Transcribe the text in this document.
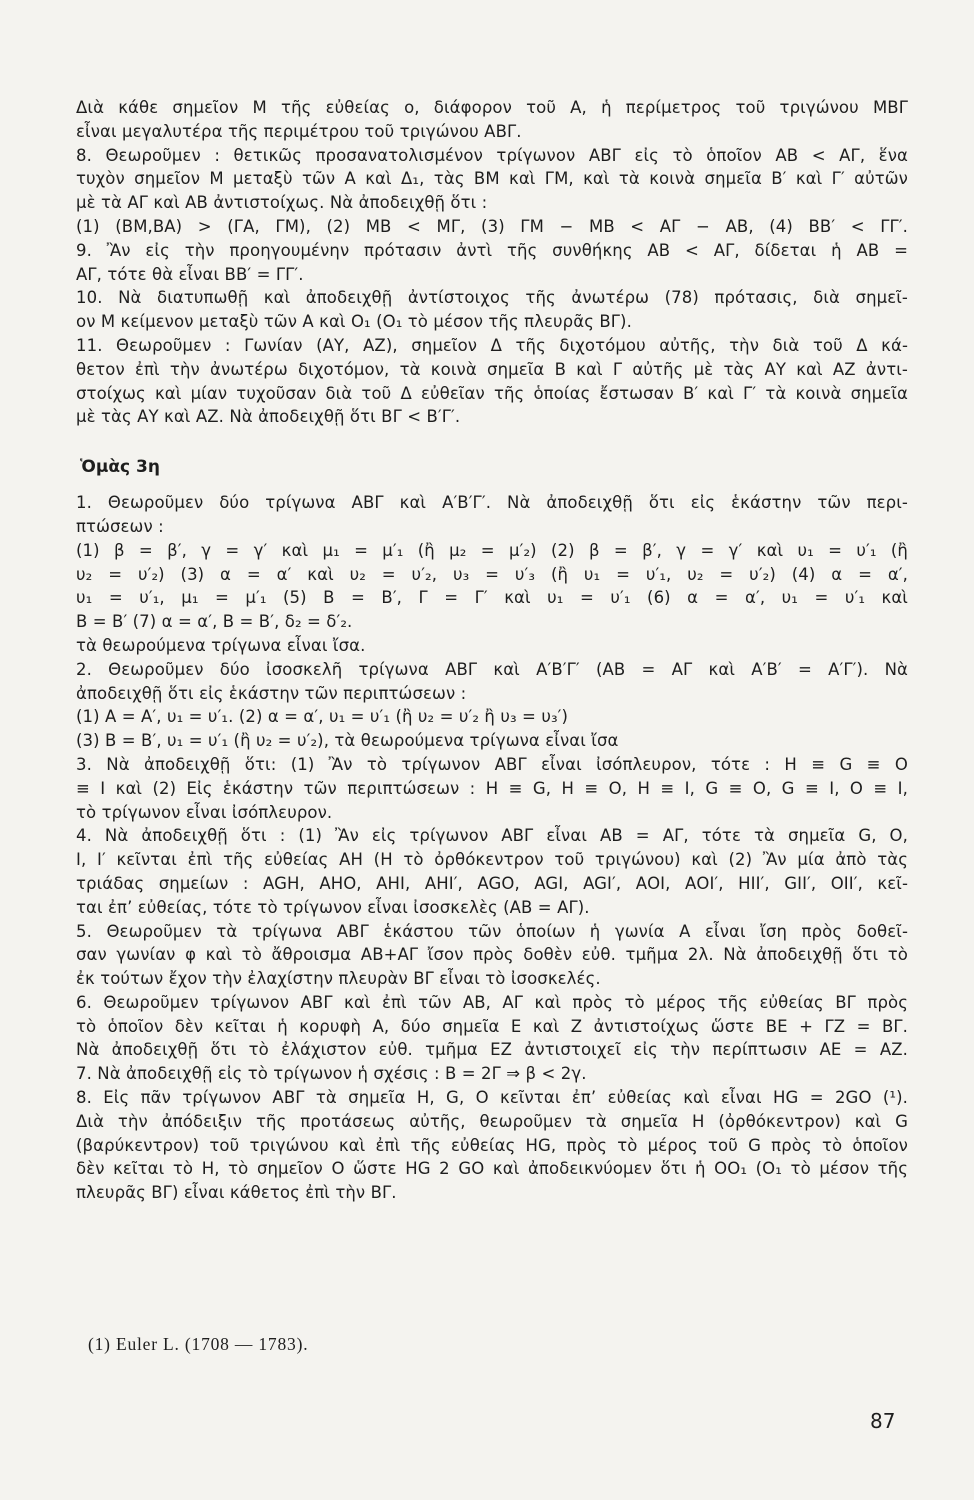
Διὰ κάθε σημεῖον Μ τῆς εὐθείας ο, διάφορον τοῦ Α, ἡ περίμετρος τοῦ τριγώνου ΜΒΓ
εἶναι μεγαλυτέρα τῆς περιμέτρου τοῦ τριγώνου ΑΒΓ.
8. Θεωροῦμεν : θετικῶς προσανατολισμένον τρίγωνον ΑΒΓ εἰς τὸ ὁποῖον ΑΒ < ΑΓ, ἕνα
τυχὸν σημεῖον Μ μεταξὺ τῶν Α καὶ Δ₁, τὰς ΒΜ καὶ ΓΜ, καὶ τὰ κοινὰ σημεῖα Β′ καὶ Γ′ αὐτῶν
μὲ τὰ ΑΓ καὶ ΑΒ ἀντιστοίχως. Νὰ ἀποδειχθῇ ὅτι :
(1) (ΒΜ,ΒΑ) > (ΓΑ, ΓΜ), (2) ΜΒ < ΜΓ, (3) ΓΜ − ΜΒ < ΑΓ − ΑΒ, (4) ΒΒ′ < ΓΓ′.
9. Ἂν εἰς τὴν προηγουμένην πρότασιν ἀντὶ τῆς συνθήκης ΑΒ < ΑΓ, δίδεται ἡ ΑΒ =
ΑΓ, τότε θὰ εἶναι ΒΒ′ = ΓΓ′.
10. Νὰ διατυπωθῇ καὶ ἀποδειχθῇ ἀντίστοιχος τῆς ἀνωτέρω (78) πρότασις, διὰ σημεῖ-
ον Μ κείμενον μεταξὺ τῶν Α καὶ Ο₁ (Ο₁ τὸ μέσον τῆς πλευρᾶς ΒΓ).
11. Θεωροῦμεν : Γωνίαν (ΑΥ, ΑΖ), σημεῖον Δ τῆς διχοτόμου αὐτῆς, τὴν διὰ τοῦ Δ κά-
θετον ἐπὶ τὴν ἀνωτέρω διχοτόμον, τὰ κοινὰ σημεῖα Β καὶ Γ αὐτῆς μὲ τὰς ΑΥ καὶ ΑΖ ἀντι-
στοίχως καὶ μίαν τυχοῦσαν διὰ τοῦ Δ εὐθεῖαν τῆς ὁποίας ἔστωσαν Β′ καὶ Γ′ τὰ κοινὰ σημεῖα
μὲ τὰς ΑΥ καὶ ΑΖ. Νὰ ἀποδειχθῇ ὅτι ΒΓ < Β′Γ′.
Ὁμὰς 3η
1. Θεωροῦμεν δύο τρίγωνα ΑΒΓ καὶ Α′Β′Γ′. Νὰ ἀποδειχθῇ ὅτι εἰς ἑκάστην τῶν περι-
πτώσεων :
(1) β = β′, γ = γ′ καὶ μ₁ = μ′₁ (ἢ μ₂ = μ′₂) (2) β = β′, γ = γ′ καὶ υ₁ = υ′₁ (ἢ
υ₂ = υ′₂) (3) α = α′ καὶ υ₂ = υ′₂, υ₃ = υ′₃ (ἢ υ₁ = υ′₁, υ₂ = υ′₂) (4) α = α′,
υ₁ = υ′₁, μ₁ = μ′₁ (5) Β = Β′, Γ = Γ′ καὶ υ₁ = υ′₁ (6) α = α′, υ₁ = υ′₁ καὶ
Β = Β′ (7) α = α′, Β = Β′, δ₂ = δ′₂.
τὰ θεωρούμενα τρίγωνα εἶναι ἴσα.
2. Θεωροῦμεν δύο ἰσοσκελῆ τρίγωνα ΑΒΓ καὶ Α′Β′Γ′ (ΑΒ = ΑΓ καὶ Α′Β′ = Α′Γ′). Νὰ
ἀποδειχθῇ ὅτι εἰς ἑκάστην τῶν περιπτώσεων :
(1) Α = Α′, υ₁ = υ′₁. (2) α = α′, υ₁ = υ′₁ (ἢ υ₂ = υ′₂ ἢ υ₃ = υ₃′)
(3) Β = Β′, υ₁ = υ′₁ (ἢ υ₂ = υ′₂), τὰ θεωρούμενα τρίγωνα εἶναι ἴσα
3. Νὰ ἀποδειχθῇ ὅτι: (1) Ἂν τὸ τρίγωνον ΑΒΓ εἶναι ἰσόπλευρον, τότε : Η ≡ G ≡ Ο
≡ Ι καὶ (2) Εἰς ἑκάστην τῶν περιπτώσεων : Η ≡ G, Η ≡ Ο, Η ≡ Ι, G ≡ Ο, G ≡ Ι, Ο ≡ Ι,
τὸ τρίγωνον εἶναι ἰσόπλευρον.
4. Νὰ ἀποδειχθῇ ὅτι : (1) Ἂν εἰς τρίγωνον ΑΒΓ εἶναι ΑΒ = ΑΓ, τότε τὰ σημεῖα G, Ο,
Ι, Ι′ κεῖνται ἐπὶ τῆς εὐθείας ΑΗ (Η τὸ ὀρθόκεντρον τοῦ τριγώνου) καὶ (2) Ἂν μία ἀπὸ τὰς
τριάδας σημείων : AGH, ΑΗΟ, ΑΗΙ, ΑΗΙ′, AGO, AGI, AGI′, ΑΟΙ, ΑΟΙ′, ΗΙΙ′, GII′, ΟΙΙ′, κεῖ-
ται ἐπ’ εὐθείας, τότε τὸ τρίγωνον εἶναι ἰσοσκελὲς (ΑΒ = ΑΓ).
5. Θεωροῦμεν τὰ τρίγωνα ΑΒΓ ἑκάστου τῶν ὁποίων ἡ γωνία Α εἶναι ἴση πρὸς δοθεῖ-
σαν γωνίαν φ καὶ τὸ ἄθροισμα ΑΒ+ΑΓ ἴσον πρὸς δοθὲν εὐθ. τμῆμα 2λ. Νὰ ἀποδειχθῇ ὅτι τὸ
ἐκ τούτων ἔχον τὴν ἐλαχίστην πλευρὰν ΒΓ εἶναι τὸ ἰσοσκελές.
6. Θεωροῦμεν τρίγωνον ΑΒΓ καὶ ἐπὶ τῶν ΑΒ, ΑΓ καὶ πρὸς τὸ μέρος τῆς εὐθείας ΒΓ πρὸς
τὸ ὁποῖον δὲν κεῖται ἡ κορυφὴ Α, δύο σημεῖα Ε καὶ Ζ ἀντιστοίχως ὥστε ΒΕ + ΓΖ = ΒΓ.
Νὰ ἀποδειχθῇ ὅτι τὸ ἐλάχιστον εὐθ. τμῆμα ΕΖ ἀντιστοιχεῖ εἰς τὴν περίπτωσιν ΑΕ = ΑΖ.
7. Νὰ ἀποδειχθῇ εἰς τὸ τρίγωνον ἡ σχέσις : Β = 2Γ ⇒ β < 2γ.
8. Εἰς πᾶν τρίγωνον ΑΒΓ τὰ σημεῖα Η, G, Ο κεῖνται ἐπ’ εὐθείας καὶ εἶναι HG = 2GO (¹).
Διὰ τὴν ἀπόδειξιν τῆς προτάσεως αὐτῆς, θεωροῦμεν τὰ σημεῖα Η (ὀρθόκεντρον) καὶ G
(βαρύκεντρον) τοῦ τριγώνου καὶ ἐπὶ τῆς εὐθείας HG, πρὸς τὸ μέρος τοῦ G πρὸς τὸ ὁποῖον
δὲν κεῖται τὸ Η, τὸ σημεῖον Ο ὥστε HG 2 GO καὶ ἀποδεικνύομεν ὅτι ἡ ΟΟ₁ (Ο₁ τὸ μέσον τῆς
πλευρᾶς ΒΓ) εἶναι κάθετος ἐπὶ τὴν ΒΓ.
(1) Euler L. (1708 — 1783).
87
